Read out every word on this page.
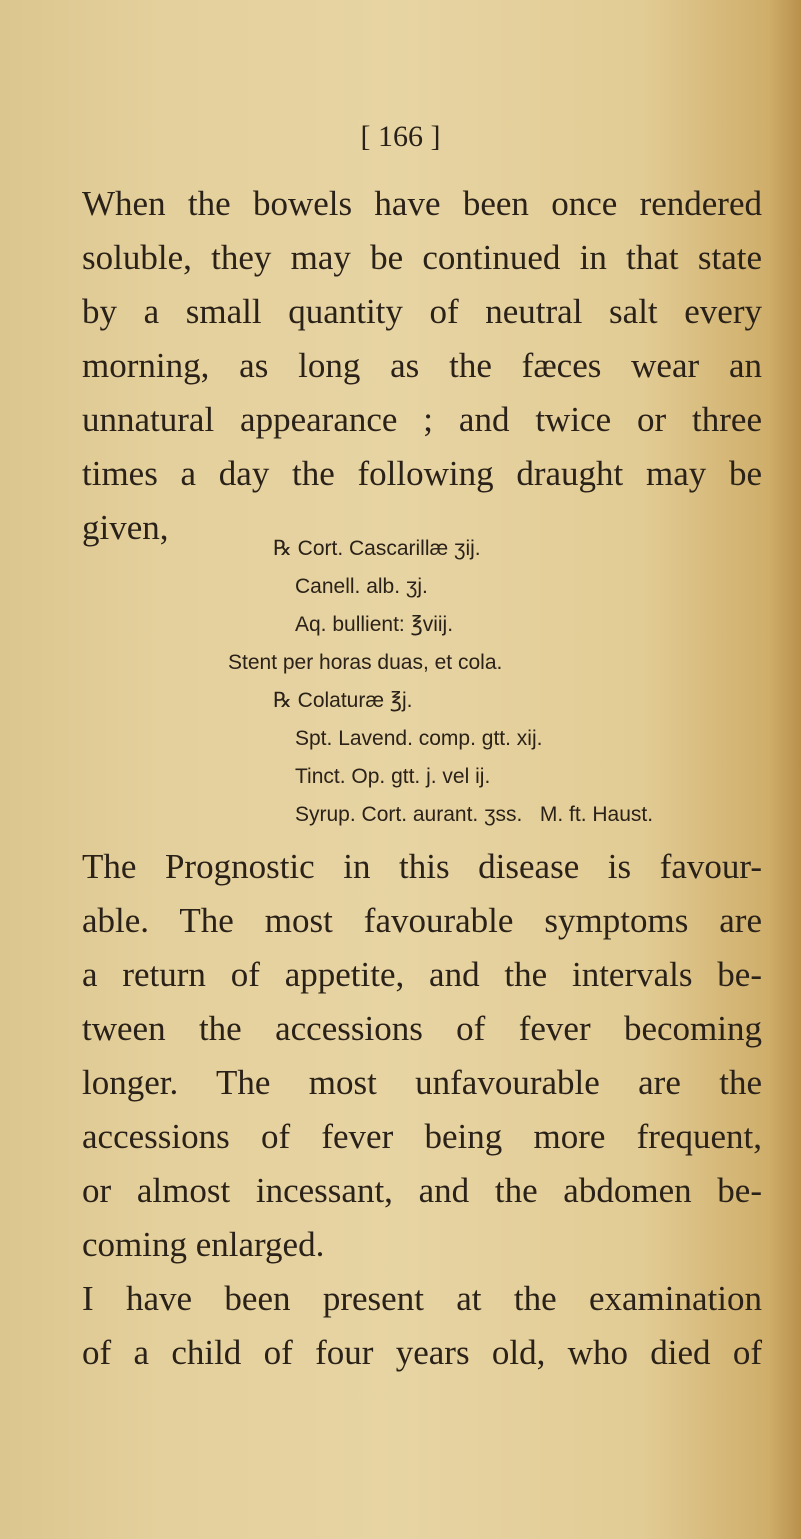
[ 166 ]
When the bowels have been once rendered
soluble, they may be continued in that state
by a small quantity of neutral salt every
morning, as long as the fæces wear an
unnatural appearance ; and twice or three
times a day the following draught may be
given,
℞ Cort. Cascarillæ ʒij.
Canell. alb. ʒj.
Aq. bullient: ℥viij.
Stent per horas duas, et cola.
℞ Colaturæ ℥j.
Spt. Lavend. comp. gtt. xij.
Tinct. Op. gtt. j. vel ij.
Syrup. Cort. aurant. ʒss.   M. ft. Haust.
The Prognostic in this disease is favour-
able. The most favourable symptoms are
a return of appetite, and the intervals be-
tween the accessions of fever becoming
longer. The most unfavourable are the
accessions of fever being more frequent,
or almost incessant, and the abdomen be-
coming enlarged.
I have been present at the examination
of a child of four years old, who died of
